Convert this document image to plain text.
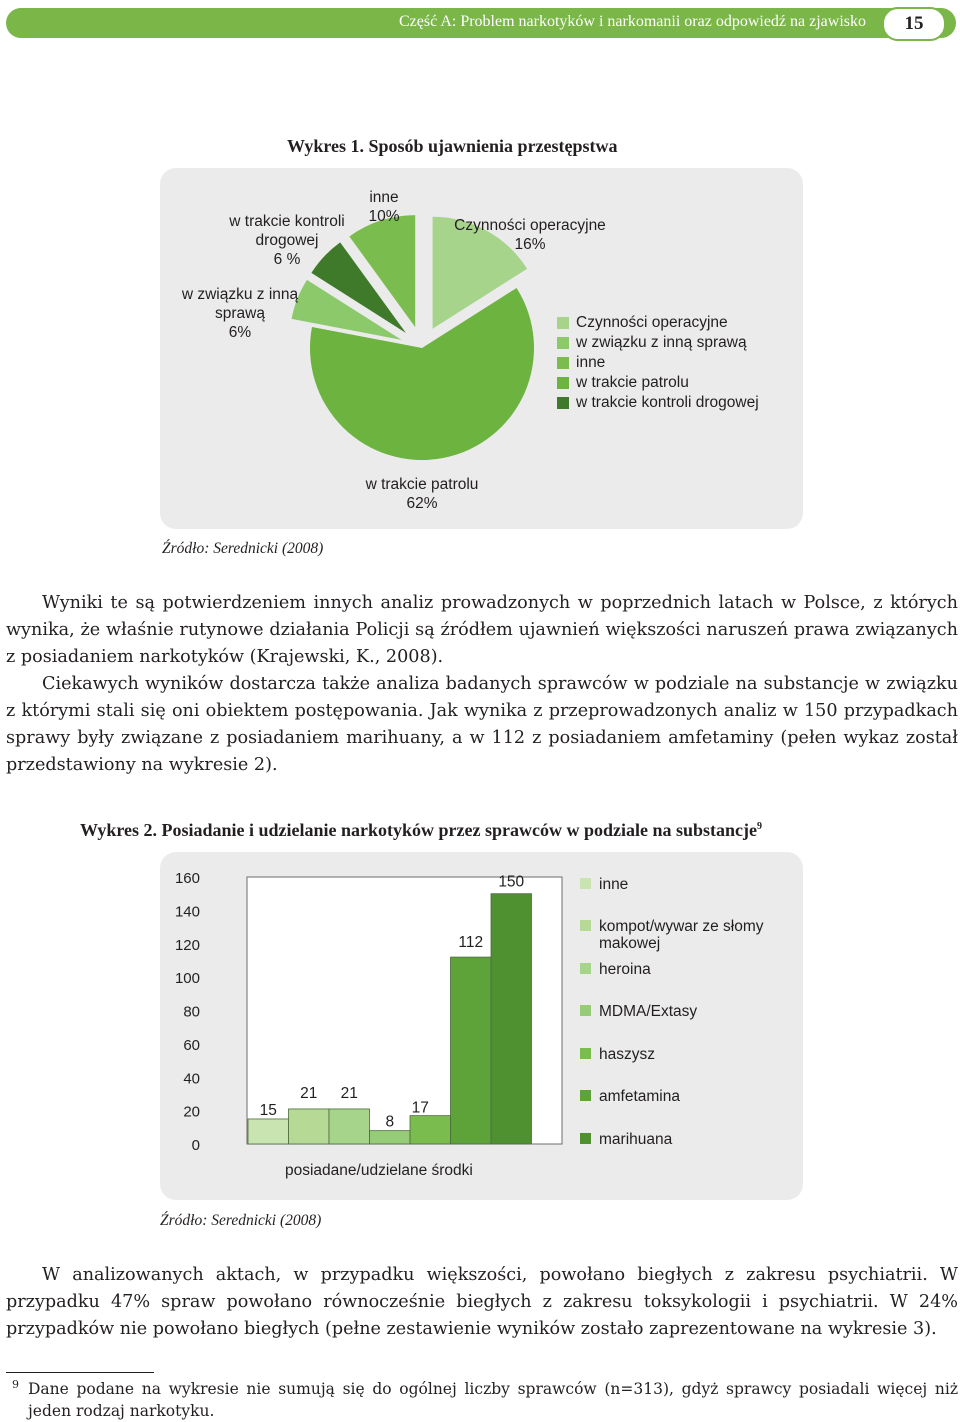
Część A: Problem narkotyków i narkomanii oraz odpowiedź na zjawisko	15
Wykres 1. Sposób ujawnienia przestępstwa
inne
10%
Czynności operacyjne
16%
w trakcie kontroli
drogowej
6 %
w związku z inną
sprawą
6%
w trakcie patrolu
62%
Czynności operacyjne
w związku z inną sprawą
inne
w trakcie patrolu
w trakcie kontroli drogowej
Źródło: Serednicki (2008)
Wyniki te są potwierdzeniem innych analiz prowadzonych w poprzednich latach w Polsce, z których wynika, że właśnie rutynowe działania Policji są źródłem ujawnień większości naruszeń prawa związanych z posiadaniem narkotyków (Krajewski, K., 2008).
Ciekawych wyników dostarcza także analiza badanych sprawców w podziale na substancje w związku z którymi stali się oni obiektem postępowania. Jak wynika z przeprowadzonych analiz w 150 przypadkach sprawy były związane z posiadaniem marihuany, a w 112 z posiadaniem amfetaminy (pełen wykaz został przedstawiony na wykresie 2).
Wykres 2. Posiadanie i udzielanie narkotyków przez sprawców w podziale na substancje$^9$
0
20
40
60
80
100
120
140
160
15
21 21
8
17
112
150
posiadane/udzielane środki
inne
kompot/wywar ze słomy makowej
heroina
MDMA/Extasy
haszysz
amfetamina
marihuana
Źródło: Serednicki (2008)
W analizowanych aktach, w przypadku większości, powołano biegłych z zakresu psychiatrii. W przypadku 47% spraw powołano równocześnie biegłych z zakresu toksykologii i psychiatrii. W 24% przypadków nie powołano biegłych (pełne zestawienie wyników zostało zaprezentowane na wykresie 3).
9 Dane podane na wykresie nie sumują się do ogólnej liczby sprawców (n=313), gdyż sprawcy posiadali więcej niż jeden rodzaj narkotyku.
